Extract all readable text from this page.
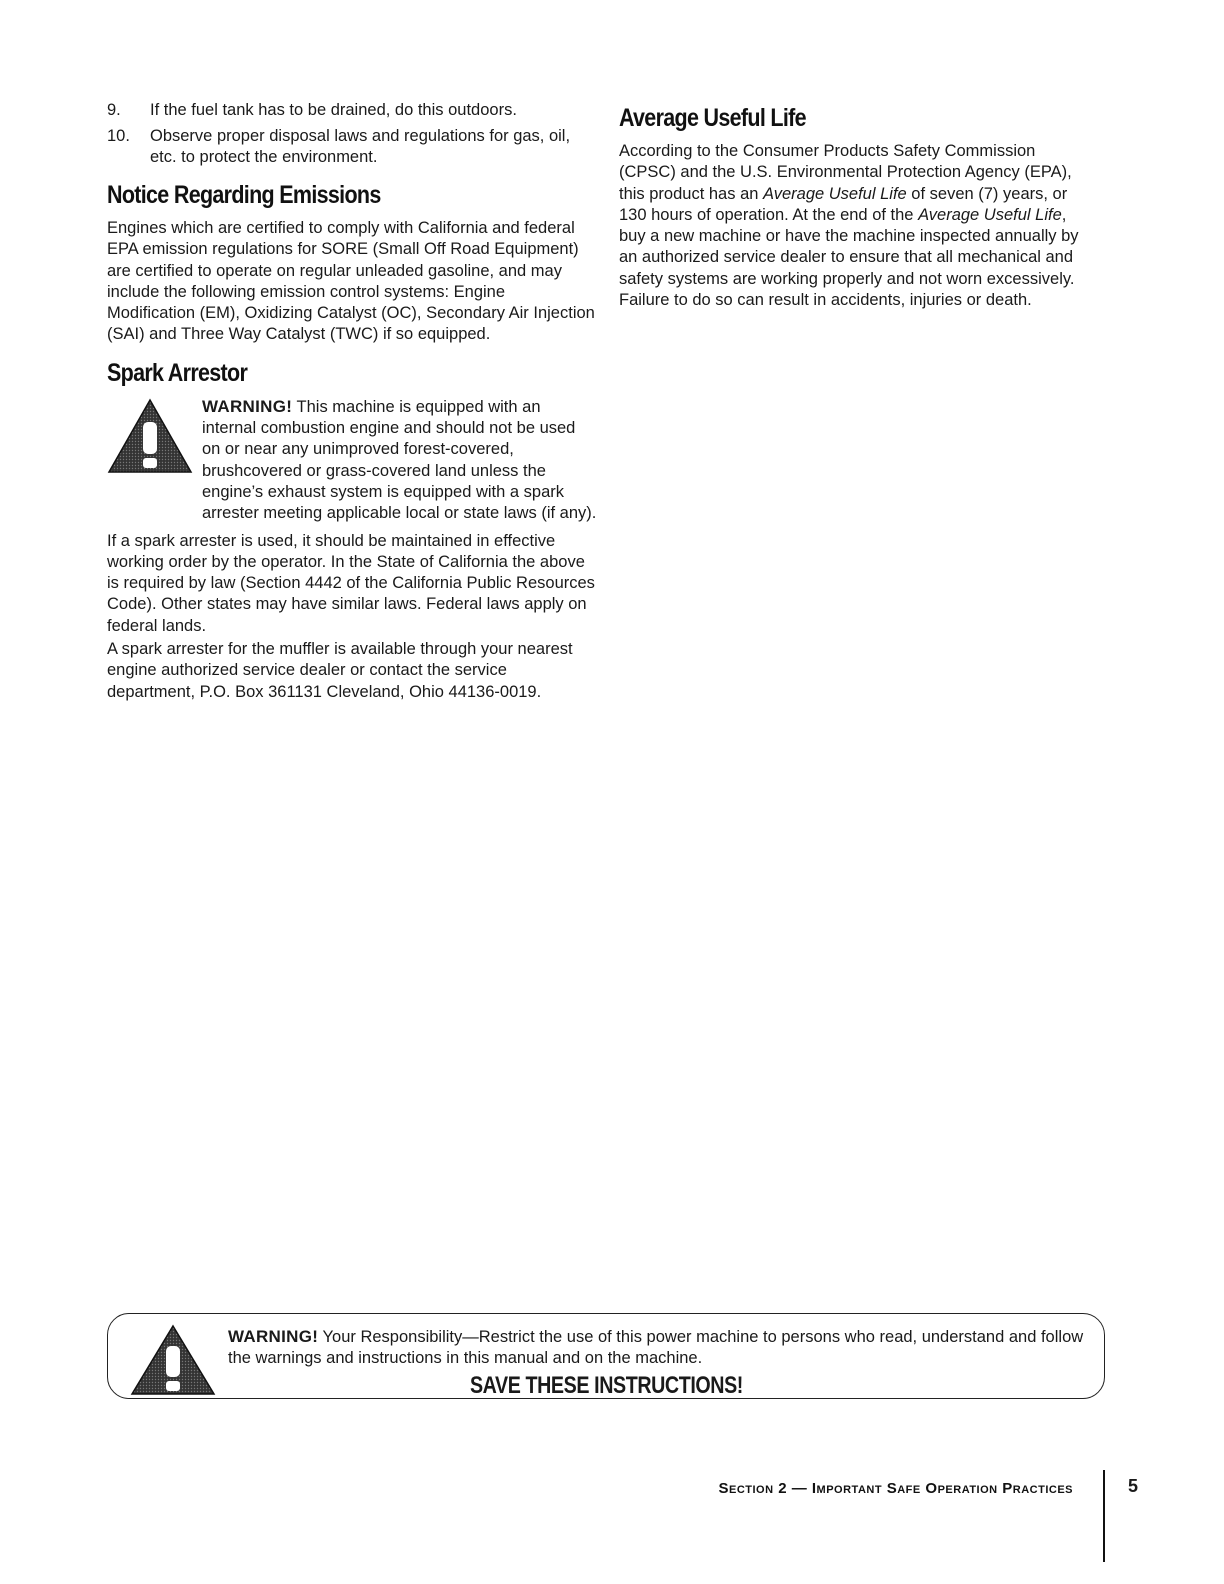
9.	If the fuel tank has to be drained, do this outdoors.
10.	Observe proper disposal laws and regulations for gas, oil, etc. to protect the environment.
Notice Regarding Emissions

Engines which are certified to comply with California and federal EPA emission regulations for SORE (Small Off Road Equipment) are certified to operate on regular unleaded gasoline, and may include the following emission control systems: Engine Modification (EM), Oxidizing Catalyst (OC), Secondary Air Injection (SAI) and Three Way Catalyst (TWC) if so equipped.

Spark Arrestor
WARNING! This machine is equipped with an internal combustion engine and should not be used on or near any unimproved forest-covered, brushcovered or grass-covered land unless the engine’s exhaust system is equipped with a spark arrester meeting applicable local or state laws (if any).

If a spark arrester is used, it should be maintained in effective working order by the operator. In the State of California the above is required by law (Section 4442 of the California Public Resources Code). Other states may have similar laws. Federal laws apply on federal lands.

A spark arrester for the muffler is available through your nearest engine authorized service dealer or contact the service department, P.O. Box 361131 Cleveland, Ohio 44136-0019.

Average Useful Life

According to the Consumer Products Safety Commission (CPSC) and the U.S. Environmental Protection Agency (EPA), this product has an Average Useful Life of seven (7) years, or 130 hours of operation. At the end of the Average Useful Life, buy a new machine or have the machine inspected annually by an authorized service dealer to ensure that all mechanical and safety systems are working properly and not worn excessively. Failure to do so can result in accidents, injuries or death.

WARNING! Your Responsibility—Restrict the use of this power machine to persons who read, understand and follow the warnings and instructions in this manual and on the machine.
SAVE THESE INSTRUCTIONS!
Section 2 — Important Safe Operation Practices	5
